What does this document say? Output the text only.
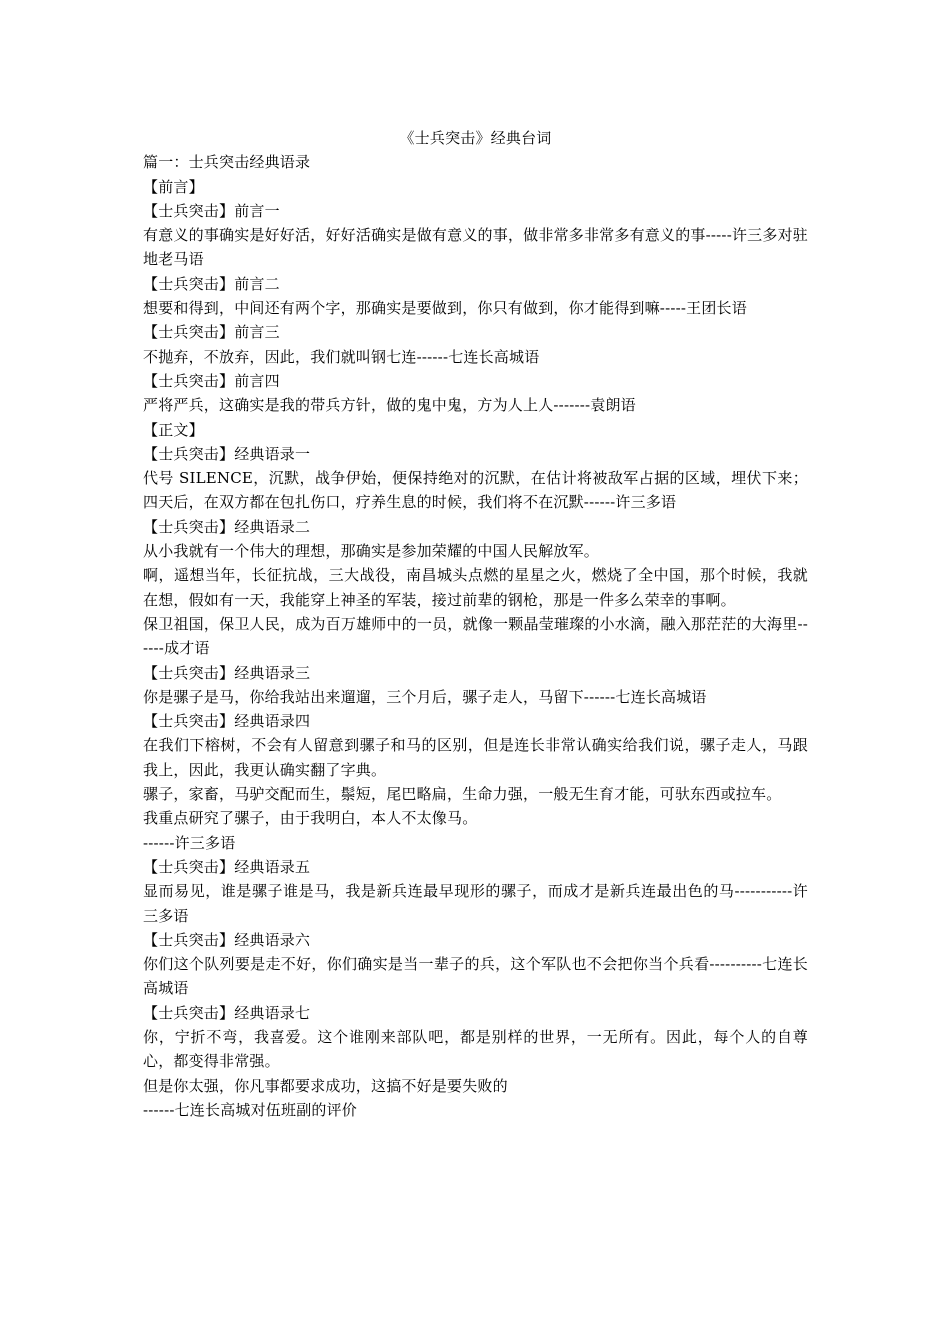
《士兵突击》经典台词

篇一：士兵突击经典语录

【前言】

【士兵突击】前言一

有意义的事确实是好好活，好好活确实是做有意义的事，做非常多非常多有意义的事-----许三多对驻地老马语

【士兵突击】前言二

想要和得到，中间还有两个字，那确实是要做到，你只有做到，你才能得到嘛-----王团长语

【士兵突击】前言三

不抛弃，不放弃，因此，我们就叫钢七连------七连长高城语

【士兵突击】前言四

严将严兵，这确实是我的带兵方针，做的鬼中鬼，方为人上人-------袁朗语

【正文】

【士兵突击】经典语录一

代号 SILENCE，沉默，战争伊始，便保持绝对的沉默，在估计将被敌军占据的区域，埋伏下来；四天后，在双方都在包扎伤口，疗养生息的时候，我们将不在沉默------许三多语

【士兵突击】经典语录二

从小我就有一个伟大的理想，那确实是参加荣耀的中国人民解放军。

啊，遥想当年，长征抗战，三大战役，南昌城头点燃的星星之火，燃烧了全中国，那个时候，我就在想，假如有一天，我能穿上神圣的军装，接过前辈的钢枪，那是一件多么荣幸的事啊。

保卫祖国，保卫人民，成为百万雄师中的一员，就像一颗晶莹璀璨的小水滴，融入那茫茫的大海里------成才语

【士兵突击】经典语录三

你是骡子是马，你给我站出来遛遛，三个月后，骡子走人，马留下------七连长高城语

【士兵突击】经典语录四

在我们下榕树，不会有人留意到骡子和马的区别，但是连长非常认确实给我们说，骡子走人，马跟我上，因此，我更认确实翻了字典。

骡子，家畜，马驴交配而生，鬃短，尾巴略扁，生命力强，一般无生育才能，可驮东西或拉车。

我重点研究了骡子，由于我明白，本人不太像马。

------许三多语

【士兵突击】经典语录五

显而易见，谁是骡子谁是马，我是新兵连最早现形的骡子，而成才是新兵连最出色的马-----------许三多语

【士兵突击】经典语录六

你们这个队列要是走不好，你们确实是当一辈子的兵，这个军队也不会把你当个兵看----------七连长高城语

【士兵突击】经典语录七

你，宁折不弯，我喜爱。这个谁刚来部队吧，都是别样的世界，一无所有。因此，每个人的自尊心，都变得非常强。

但是你太强，你凡事都要求成功，这搞不好是要失败的

------七连长高城对伍班副的评价
